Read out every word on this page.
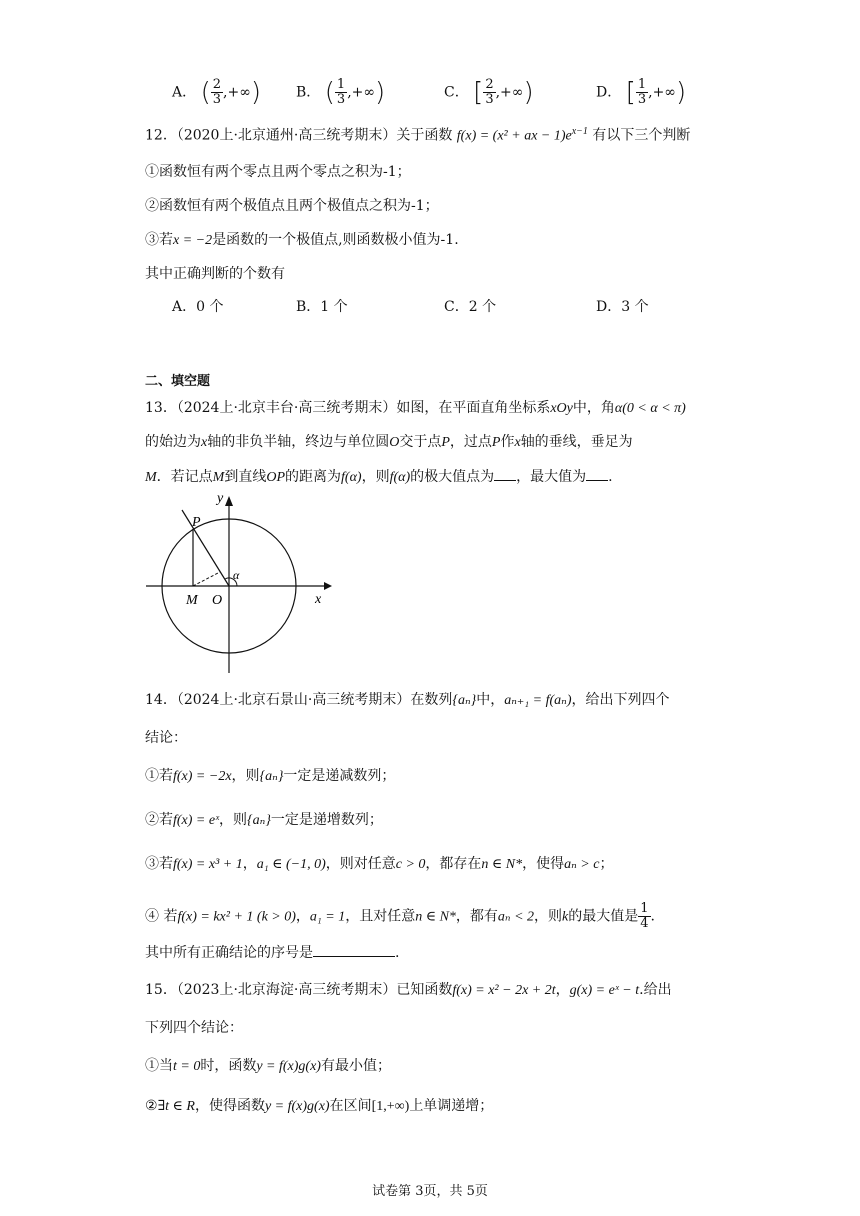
A． ( $\frac{2}{3}$ ,+∞) B． ( $\frac{1}{3}$ ,+∞)	C． [ $\frac{2}{3}$ ,+∞)	D． [ $\frac{1}{3}$ ,+∞)
12．（2020上·北京通州·高三统考期末）关于函数 f(x) = (x² + ax − $1)e^{x-1}$ 有以下三个判断
①函数恒有两个零点且两个零点之积为-1；
②函数恒有两个极值点且两个极值点之积为-1；
③若x = −2是函数的一个极值点,则函数极小值为-1.
其中正确判断的个数有
A．0 个	B．1 个	C．2 个	D．3 个
二、填空题
13．（2024上·北京丰台·高三统考期末）如图，在平面直角坐标系xOy中，角α(0 < α < π)
的始边为x轴的非负半轴，终边与单位圆O交于点P，过点P作x轴的垂线，垂足为
M．若记点M到直线OP的距离为f(α)，则f(α)的极大值点为 ，最大值为 .
y
x
P
M O
α
14．（2024上·北京石景山·高三统考期末）在数列{aₙ}中，aₙ₊₁ = f(aₙ)，给出下列四个
结论：
①若f(x) = −2x，则{aₙ}一定是递减数列；
②若f(x) = eˣ，则{aₙ}一定是递增数列；
③若f(x) = x³ + 1，a₁ ∈ (−1, 0)，则对任意c > 0，都存在n ∈ N*，使得aₙ > c；
④ 若f(x) = kx² + 1 (k > 0)，a₁ = 1，且对任意n ∈ N*，都有aₙ < 2，则k的最大值是 $\frac{1}{4}$ .
其中所有正确结论的序号是	.
15．（2023上·北京海淀·高三统考期末）已知函数f(x) = x² − 2x + 2t，g(x) = eˣ − t.给出
下列四个结论：
①当t = 0时，函数y = f(x)g(x)有最小值；
②∃t ∈ R，使得函数y = f(x)g(x)在区间[1,+∞)上单调递增；
试卷第 3页，共 5页
